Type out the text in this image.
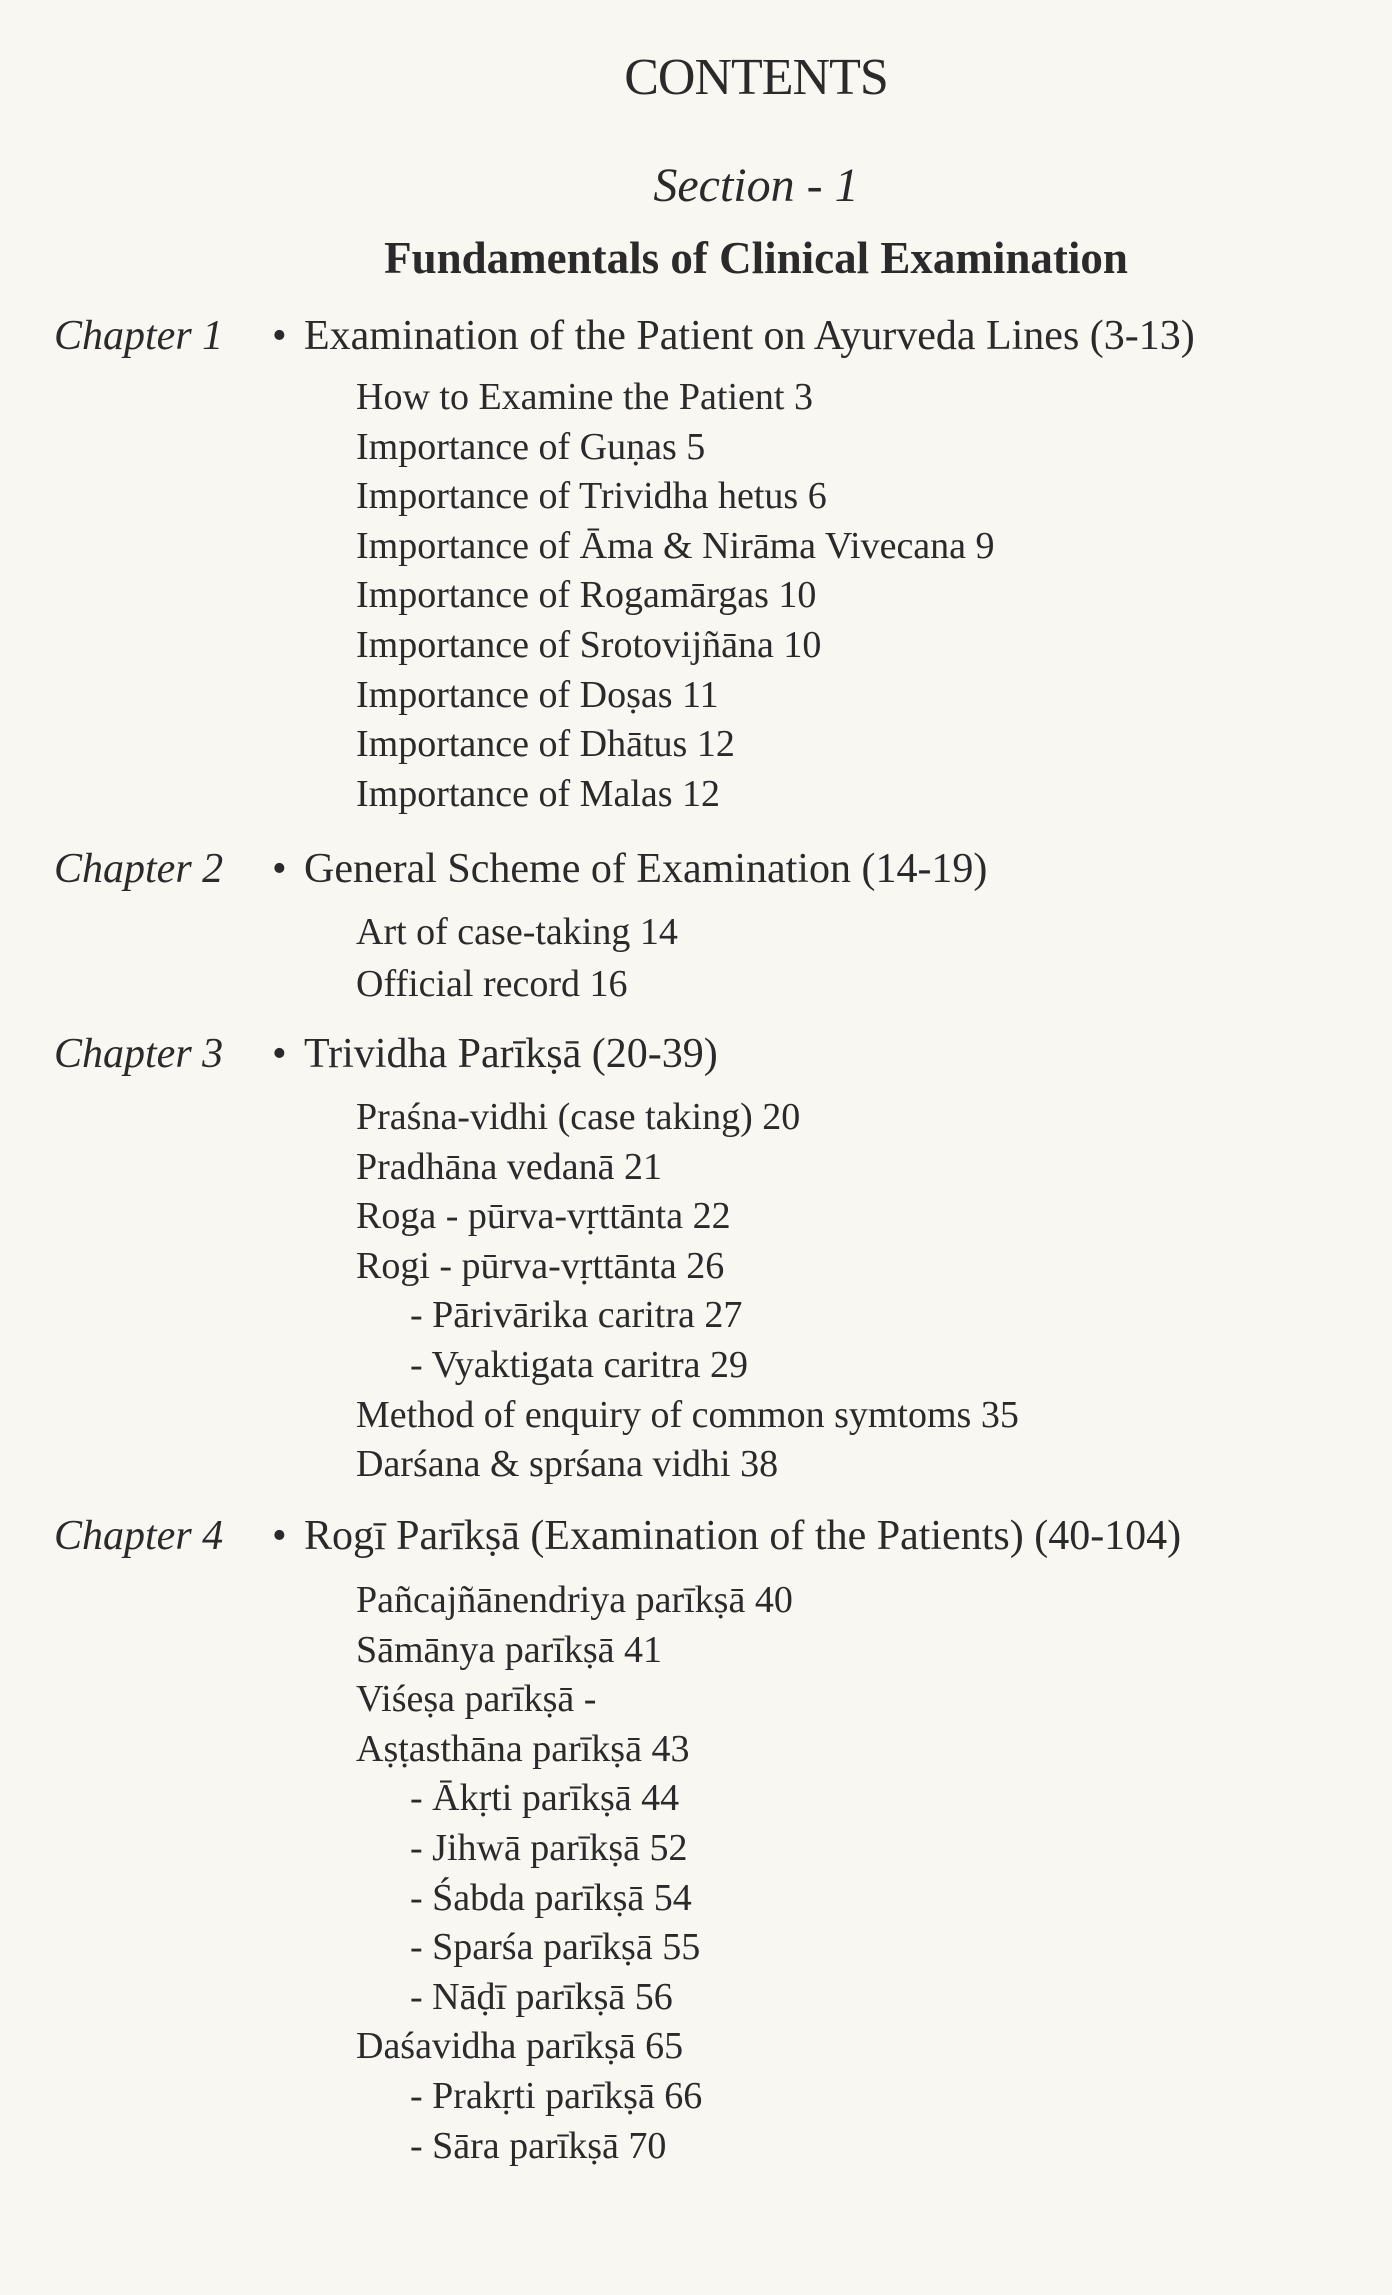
CONTENTS
Section - 1
Fundamentals of Clinical Examination
Chapter 1 • Examination of the Patient on Ayurveda Lines (3-13)
How to Examine the Patient 3
Importance of Guṇas 5
Importance of Trividha hetus 6
Importance of Āma & Nirāma Vivecana 9
Importance of Rogamārgas 10
Importance of Srotovijñāna 10
Importance of Doṣas 11
Importance of Dhātus 12
Importance of Malas 12
Chapter 2 • General Scheme of Examination (14-19)
Art of case-taking 14
Official record 16
Chapter 3 • Trividha Parīkṣā (20-39)
Praśna-vidhi (case taking) 20
Pradhāna vedanā 21
Roga - pūrva-vṛttānta 22
Rogi - pūrva-vṛttānta 26
- Pārivārika caritra 27
- Vyaktigata caritra 29
Method of enquiry of common symtoms 35
Darśana & sprśana vidhi 38
Chapter 4 • Rogī Parīkṣā (Examination of the Patients) (40-104)
Pañcajñānendriya parīkṣā 40
Sāmānya parīkṣā 41
Viśeṣa parīkṣā -
Aṣṭasthāna parīkṣā 43
- Ākṛti parīkṣā 44
- Jihwā parīkṣā 52
- Śabda parīkṣā 54
- Sparśa parīkṣā 55
- Nāḍī parīkṣā 56
Daśavidha parīkṣā 65
- Prakṛti parīkṣā 66
- Sāra parīkṣā 70
